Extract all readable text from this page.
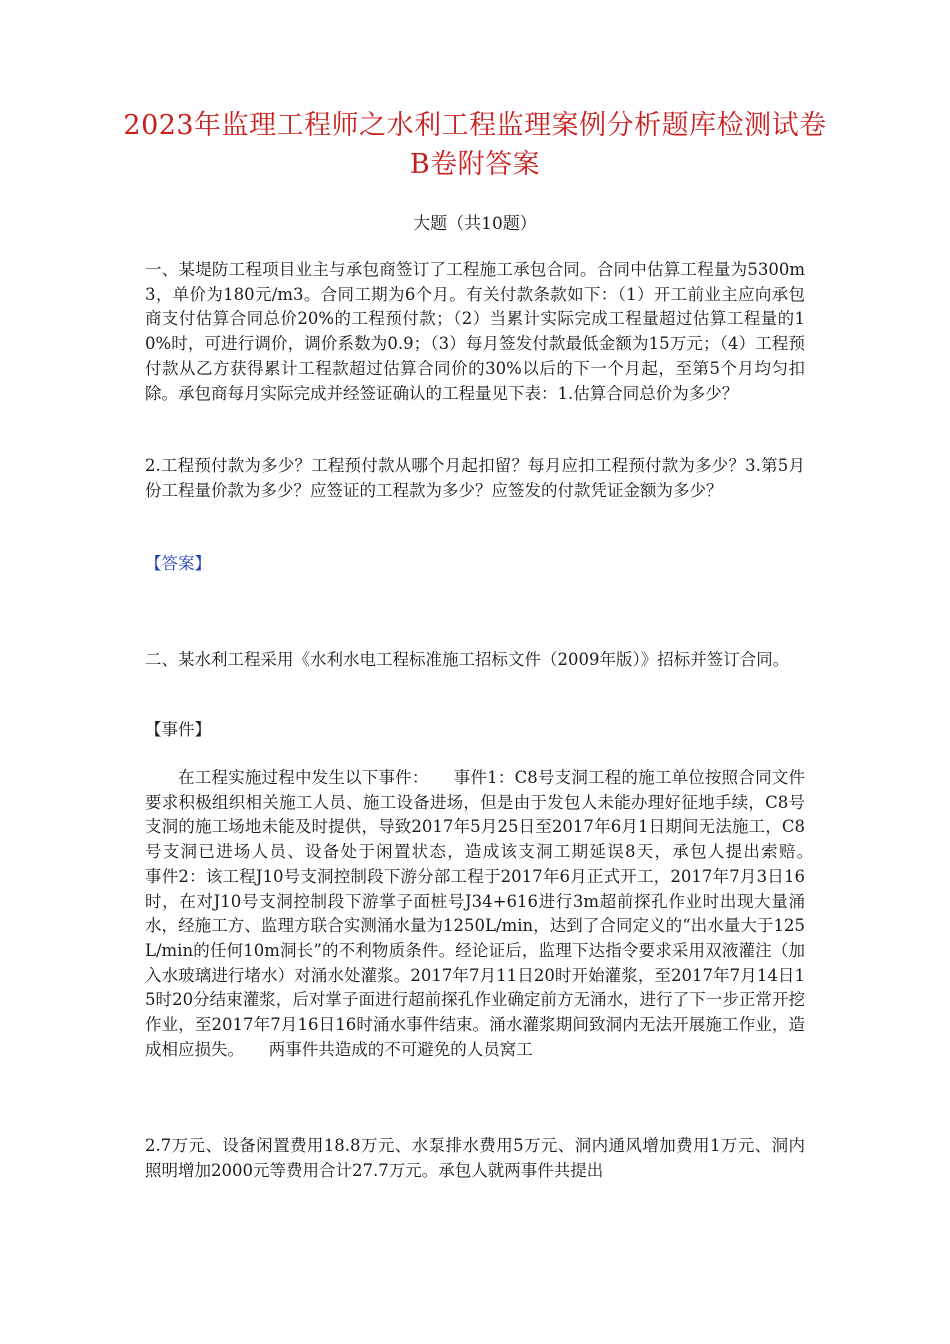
2023年监理工程师之水利工程监理案例分析题库检测试卷B卷附答案
大题（共10题）
一、某堤防工程项目业主与承包商签订了工程施工承包合同。合同中估算工程量为5300m3，单价为180元/m3。合同工期为6个月。有关付款条款如下：（1）开工前业主应向承包商支付估算合同总价20%的工程预付款；（2）当累计实际完成工程量超过估算工程量的10%时，可进行调价，调价系数为0.9；（3）每月签发付款最低金额为15万元；（4）工程预付款从乙方获得累计工程款超过估算合同价的30%以后的下一个月起，至第5个月均匀扣除。承包商每月实际完成并经签证确认的工程量见下表：1.估算合同总价为多少？
2.工程预付款为多少？工程预付款从哪个月起扣留？每月应扣工程预付款为多少？3.第5月份工程量价款为多少？应签证的工程款为多少？应签发的付款凭证金额为多少？
【答案】
二、某水利工程采用《水利水电工程标准施工招标文件（2009年版）》招标并签订合同。
【事件】
在工程实施过程中发生以下事件：　　事件1：C8号支洞工程的施工单位按照合同文件要求积极组织相关施工人员、施工设备进场，但是由于发包人未能办理好征地手续，C8号支洞的施工场地未能及时提供，导致2017年5月25日至2017年6月1日期间无法施工，C8号支洞已进场人员、设备处于闲置状态，造成该支洞工期延误8天，承包人提出索赔。　　事件2：该工程J10号支洞控制段下游分部工程于2017年6月正式开工，2017年7月3日16时，在对J10号支洞控制段下游掌子面桩号J34+616进行3m超前探孔作业时出现大量涌水，经施工方、监理方联合实测涌水量为1250L/min，达到了合同定义的“出水量大于125L/min的任何10m洞长”的不利物质条件。经论证后，监理下达指令要求采用双液灌注（加入水玻璃进行堵水）对涌水处灌浆。2017年7月11日20时开始灌浆，至2017年7月14日15时20分结束灌浆，后对掌子面进行超前探孔作业确定前方无涌水，进行了下一步正常开挖作业，至2017年7月16日16时涌水事件结束。涌水灌浆期间致洞内无法开展施工作业，造成相应损失。　　两事件共造成的不可避免的人员窝工
2.7万元、设备闲置费用18.8万元、水泵排水费用5万元、洞内通风增加费用1万元、洞内照明增加2000元等费用合计27.7万元。承包人就两事件共提出
